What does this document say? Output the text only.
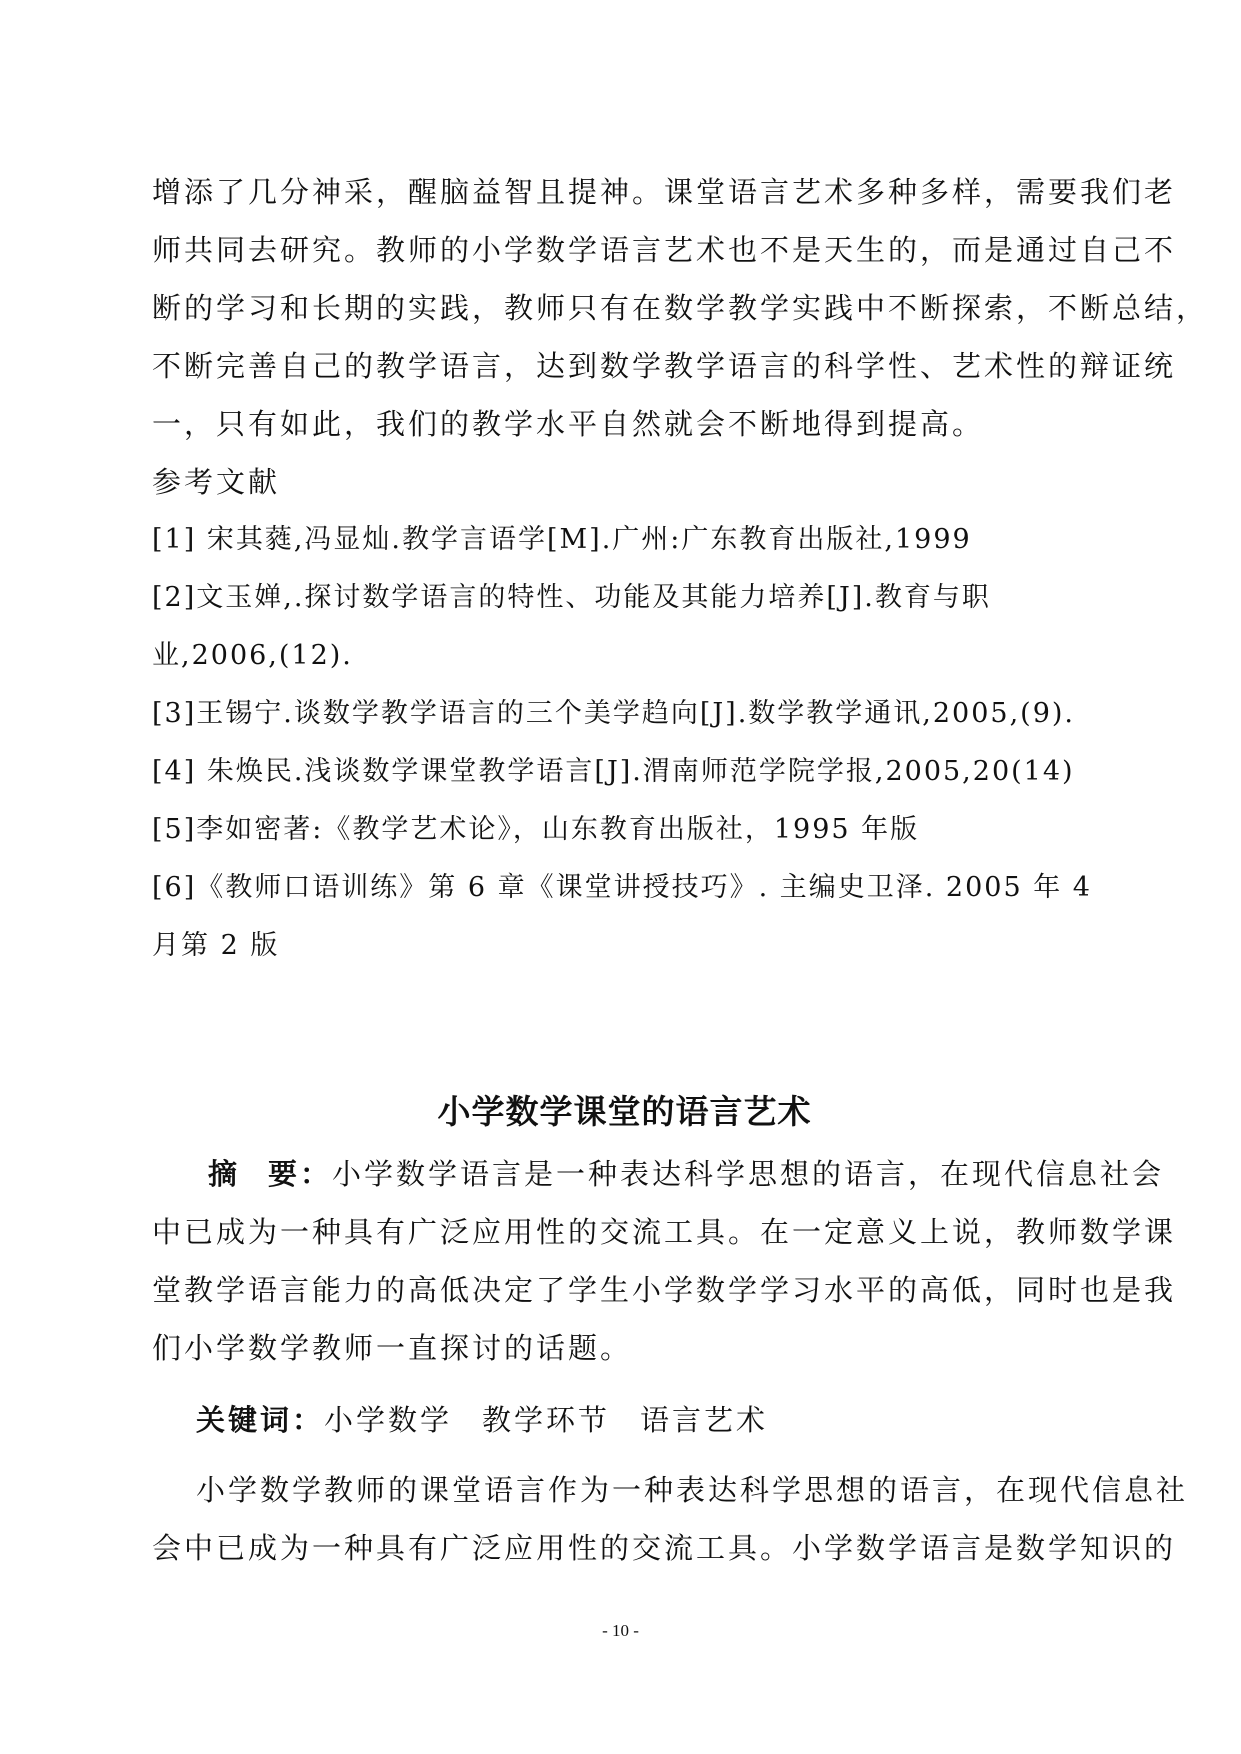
增添了几分神采，醒脑益智且提神。课堂语言艺术多种多样，需要我们老
师共同去研究。教师的小学数学语言艺术也不是天生的，而是通过自己不
断的学习和长期的实践，教师只有在数学教学实践中不断探索，不断总结，
不断完善自己的教学语言，达到数学教学语言的科学性、艺术性的辩证统
一，只有如此，我们的教学水平自然就会不断地得到提高。
参考文献
[1] 宋其蕤,冯显灿.教学言语学[M].广州:广东教育出版社,1999
[2]文玉婵,.探讨数学语言的特性、功能及其能力培养[J].教育与职
业,2006,(12).
[3]王锡宁.谈数学教学语言的三个美学趋向[J].数学教学通讯,2005,(9).
[4] 朱焕民.浅谈数学课堂教学语言[J].渭南师范学院学报,2005,20(14)
[5]李如密著:《教学艺术论》，山东教育出版社，1995 年版
[6]《教师口语训练》第 6 章《课堂讲授技巧》. 主编史卫泽. 2005 年 4
月第 2 版
小学数学课堂的语言艺术
摘 要：小学数学语言是一种表达科学思想的语言，在现代信息社会
中已成为一种具有广泛应用性的交流工具。在一定意义上说，教师数学课
堂教学语言能力的高低决定了学生小学数学学习水平的高低，同时也是我
们小学数学教师一直探讨的话题。
关键词：小学数学 教学环节 语言艺术
小学数学教师的课堂语言作为一种表达科学思想的语言，在现代信息社
会中已成为一种具有广泛应用性的交流工具。小学数学语言是数学知识的
- 10 -
